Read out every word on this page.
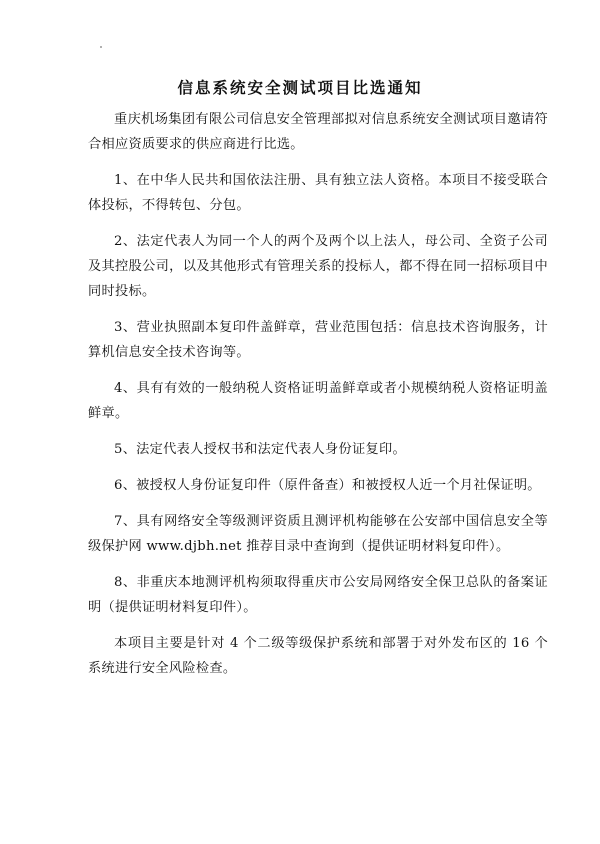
信息系统安全测试项目比选通知

重庆机场集团有限公司信息安全管理部拟对信息系统安全测试项目邀请符合相应资质要求的供应商进行比选。

1、在中华人民共和国依法注册、具有独立法人资格。本项目不接受联合体投标，不得转包、分包。

2、法定代表人为同一个人的两个及两个以上法人，母公司、全资子公司及其控股公司，以及其他形式有管理关系的投标人，都不得在同一招标项目中同时投标。

3、营业执照副本复印件盖鲜章，营业范围包括：信息技术咨询服务，计算机信息安全技术咨询等。

4、具有有效的一般纳税人资格证明盖鲜章或者小规模纳税人资格证明盖鲜章。

5、法定代表人授权书和法定代表人身份证复印。

6、被授权人身份证复印件（原件备查）和被授权人近一个月社保证明。

7、具有网络安全等级测评资质且测评机构能够在公安部中国信息安全等级保护网 www.djbh.net 推荐目录中查询到（提供证明材料复印件）。

8、非重庆本地测评机构须取得重庆市公安局网络安全保卫总队的备案证明（提供证明材料复印件）。

本项目主要是针对 4 个二级等级保护系统和部署于对外发布区的 16 个系统进行安全风险检查。
